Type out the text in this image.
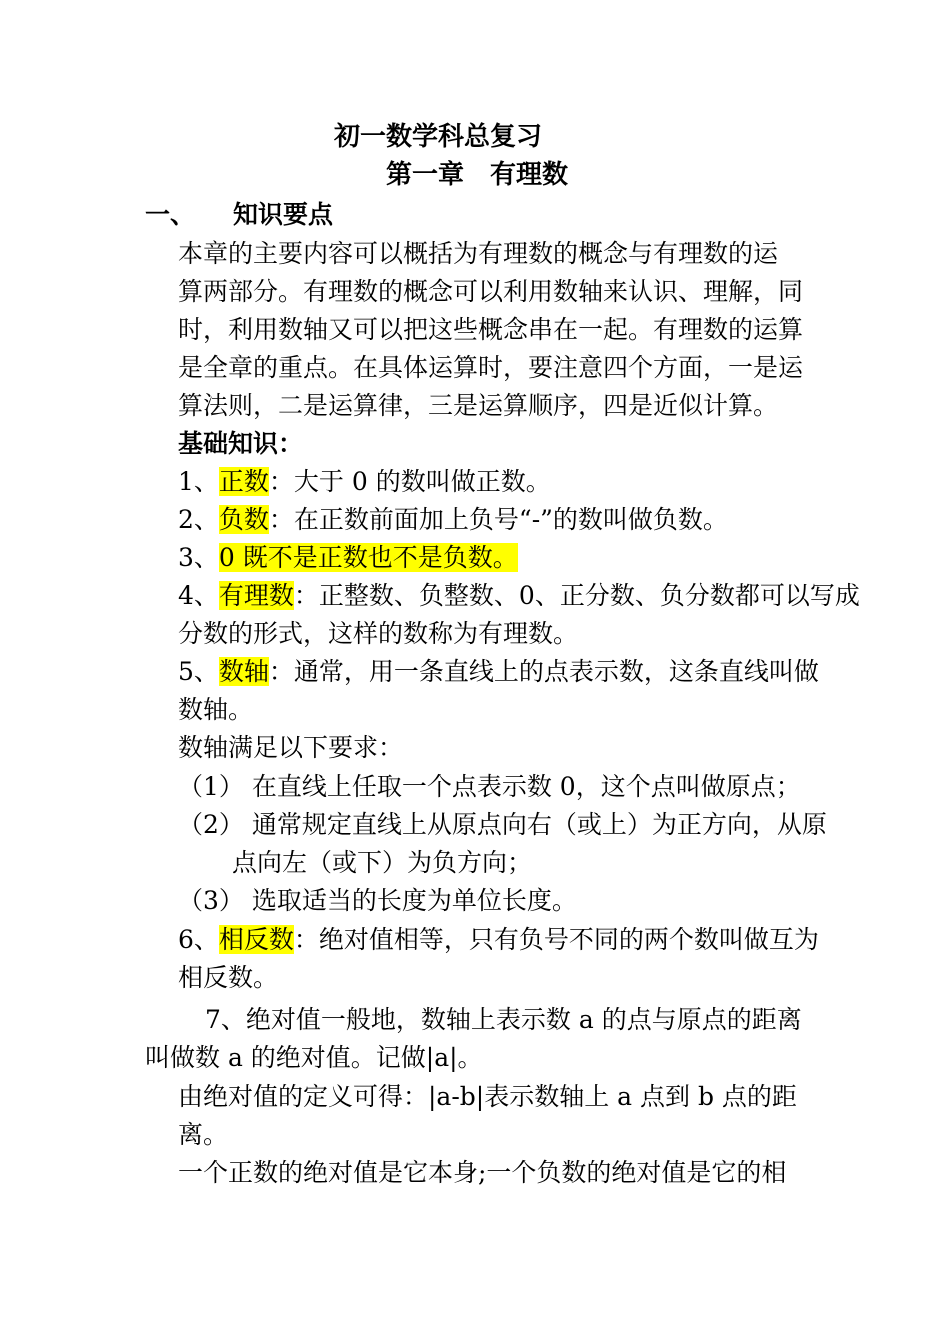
初一数学科总复习
第一章　有理数
一、 知识要点
本章的主要内容可以概括为有理数的概念与有理数的运
算两部分。有理数的概念可以利用数轴来认识、理解，同
时，利用数轴又可以把这些概念串在一起。有理数的运算
是全章的重点。在具体运算时，要注意四个方面，一是运
算法则，二是运算律，三是运算顺序，四是近似计算。
基础知识：
1、正数：大于 0 的数叫做正数。
2、负数：在正数前面加上负号“-”的数叫做负数。
3、0 既不是正数也不是负数。
4、有理数：正整数、负整数、0、正分数、负分数都可以写成
分数的形式，这样的数称为有理数。
5、数轴：通常，用一条直线上的点表示数，这条直线叫做
数轴。
数轴满足以下要求：
（1） 在直线上任取一个点表示数 0，这个点叫做原点；
（2） 通常规定直线上从原点向右（或上）为正方向，从原
点向左（或下）为负方向；
（3） 选取适当的长度为单位长度。
6、相反数：绝对值相等，只有负号不同的两个数叫做互为
相反数。
7、绝对值一般地，数轴上表示数 a 的点与原点的距离
叫做数 a 的绝对值。记做|a|。
由绝对值的定义可得：|a-b|表示数轴上 a 点到 b 点的距
离。
一个正数的绝对值是它本身;一个负数的绝对值是它的相
